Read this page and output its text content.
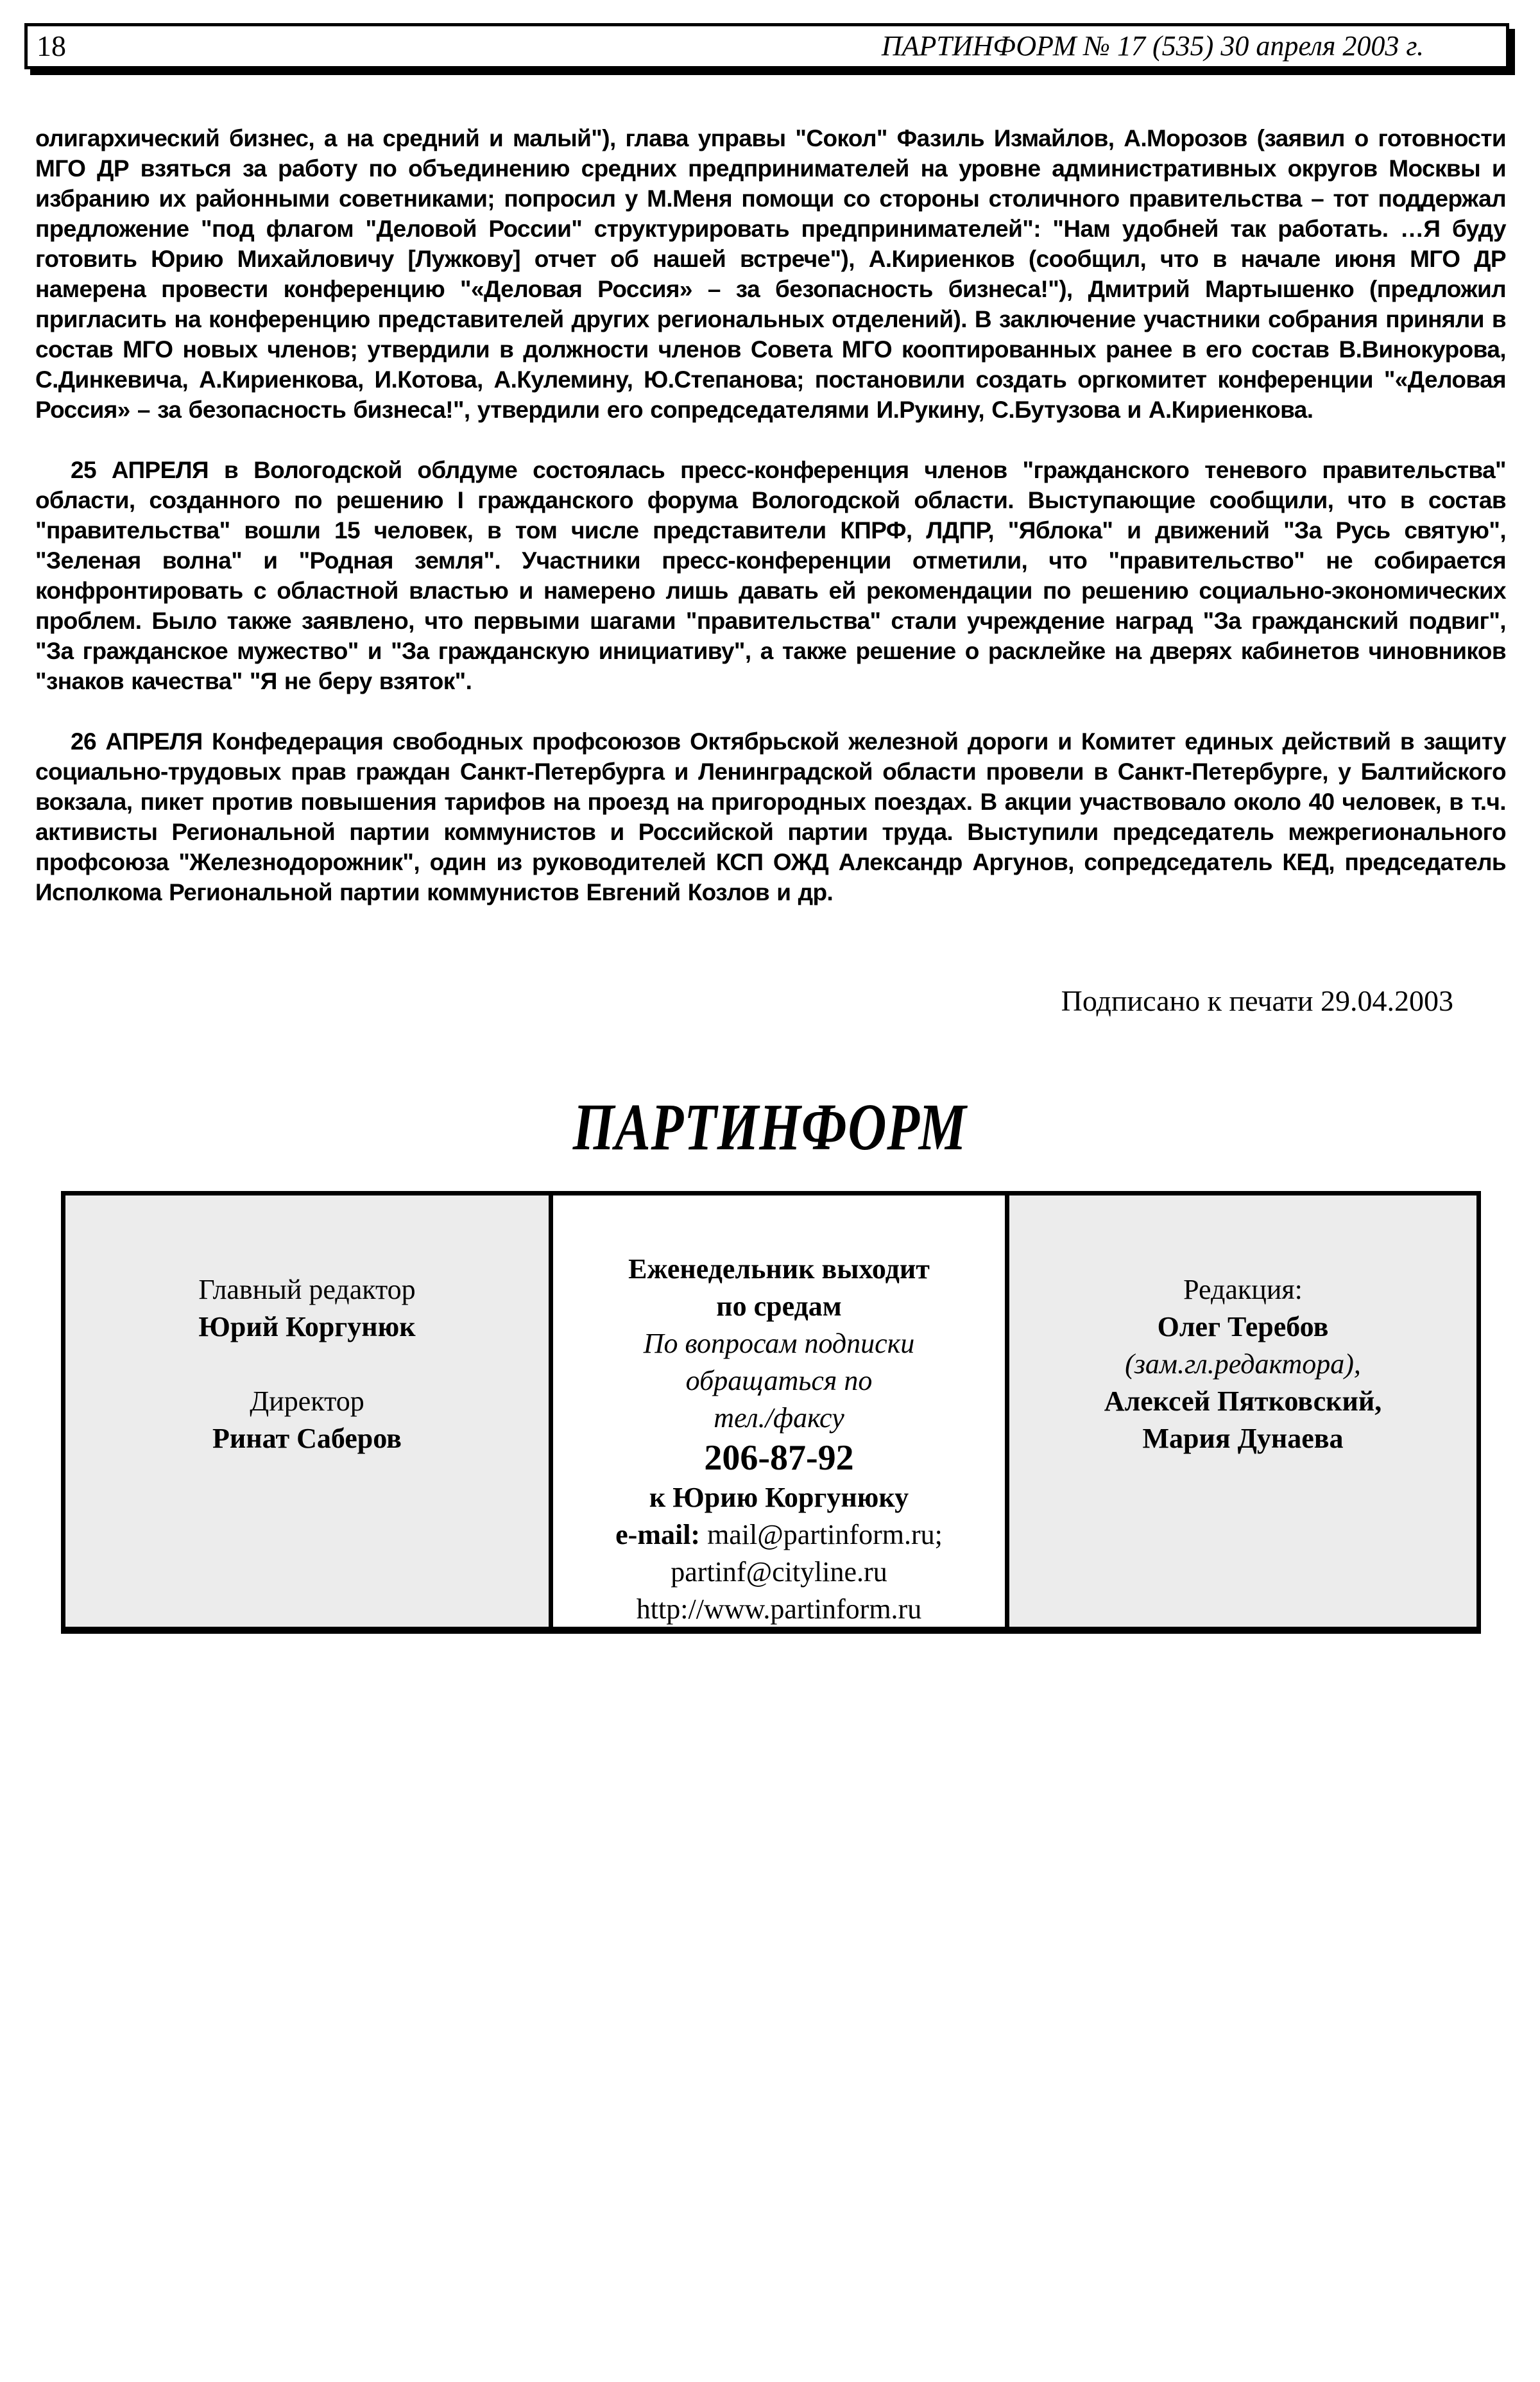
18	ПАРТИНФОРМ № 17 (535) 30 апреля 2003 г.

олигархический бизнес, а на средний и малый"), глава управы "Сокол" Фазиль Измайлов, А.Морозов (заявил о готовности МГО ДР взяться за работу по объединению средних предпринимателей на уровне административных округов Москвы и избранию их районными советниками; попросил у М.Меня помощи со стороны столичного правительства – тот поддержал предложение "под флагом "Деловой России" структурировать предпринимателей": "Нам удобней так работать. …Я буду готовить Юрию Михайловичу [Лужкову] отчет об нашей встрече"), А.Кириенков (сообщил, что в начале июня МГО ДР намерена провести конференцию "«Деловая Россия» – за безопасность бизнеса!"), Дмитрий Мартышенко (предложил пригласить на конференцию представителей других региональных отделений). В заключение участники собрания приняли в состав МГО новых членов; утвердили в должности членов Совета МГО кооптированных ранее в его состав В.Винокурова, С.Динкевича, А.Кириенкова, И.Котова, А.Кулемину, Ю.Степанова; постановили создать оргкомитет конференции "«Деловая Россия» – за безопасность бизнеса!", утвердили его сопредседателями И.Рукину, С.Бутузова и А.Кириенкова.

25 АПРЕЛЯ в Вологодской облдуме состоялась пресс-конференция членов "гражданского теневого правительства" области, созданного по решению I гражданского форума Вологодской области. Выступающие сообщили, что в состав "правительства" вошли 15 человек, в том числе представители КПРФ, ЛДПР, "Яблока" и движений "За Русь святую", "Зеленая волна" и "Родная земля". Участники пресс-конференции отметили, что "правительство" не собирается конфронтировать с областной властью и намерено лишь давать ей рекомендации по решению социально-экономических проблем. Было также заявлено, что первыми шагами "правительства" стали учреждение наград "За гражданский подвиг", "За гражданское мужество" и "За гражданскую инициативу", а также решение о расклейке на дверях кабинетов чиновников "знаков качества" "Я не беру взяток".

26 АПРЕЛЯ Конфедерация свободных профсоюзов Октябрьской железной дороги и Комитет единых действий в защиту социально-трудовых прав граждан Санкт-Петербурга и Ленинградской области провели в Санкт-Петербурге, у Балтийского вокзала, пикет против повышения тарифов на проезд на пригородных поездах. В акции участвовало около 40 человек, в т.ч. активисты Региональной партии коммунистов и Российской партии труда. Выступили председатель межрегионального профсоюза "Железнодорожник", один из руководителей КСП ОЖД Александр Аргунов, сопредседатель КЕД, председатель Исполкома Региональной партии коммунистов Евгений Козлов и др.

Подписано к печати 29.04.2003
ПАРТИНФОРМ
Главный редактор
Юрий Коргунюк

Директор
Ринат Саберов
Еженедельник выходит
по средам
По вопросам подписки
обращаться по
тел./факсу
206-87-92
к Юрию Коргунюку
e-mail: mail@partinform.ru;
partinf@cityline.ru
http://www.partinform.ru
Редакция:
Олег Теребов
(зам.гл.редактора),
Алексей Пятковский,
Мария Дунаева
